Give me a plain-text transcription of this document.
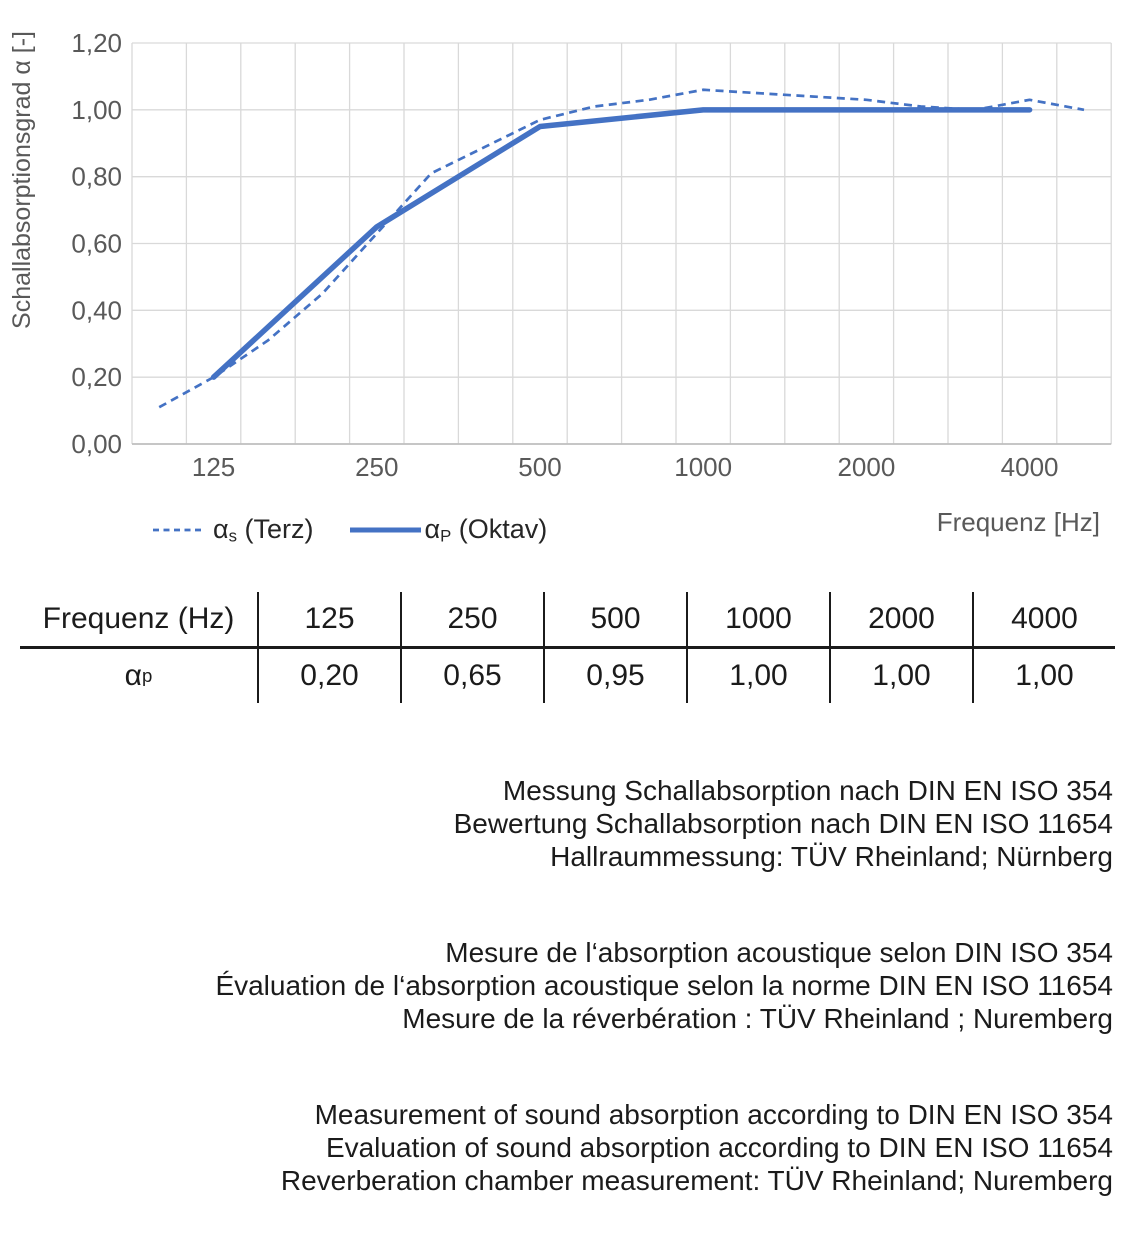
0,00
0,20
0,40
0,60
0,80
1,00
1,20
125	250	500	1000	2000	4000
Schallabsorptionsgrad α [-]
Frequenz [Hz]
$\alpha_s$ (Terz)	$\alpha_P$ (Oktav)
Frequenz (Hz)	125	250	500	1000	2000	4000
α p	0,20	0,65	0,95	1,00	1,00	1,00
Messung Schallabsorption nach DIN EN ISO 354
Bewertung Schallabsorption nach DIN EN ISO 11654
Hallraummessung: TÜV Rheinland; Nürnberg
Mesure de l‘absorption acoustique selon DIN ISO 354
Évaluation de l‘absorption acoustique selon la norme DIN EN ISO 11654
Mesure de la réverbération : TÜV Rheinland ; Nuremberg
Measurement of sound absorption according to DIN EN ISO 354
Evaluation of sound absorption according to DIN EN ISO 11654
Reverberation chamber measurement: TÜV Rheinland; Nuremberg
